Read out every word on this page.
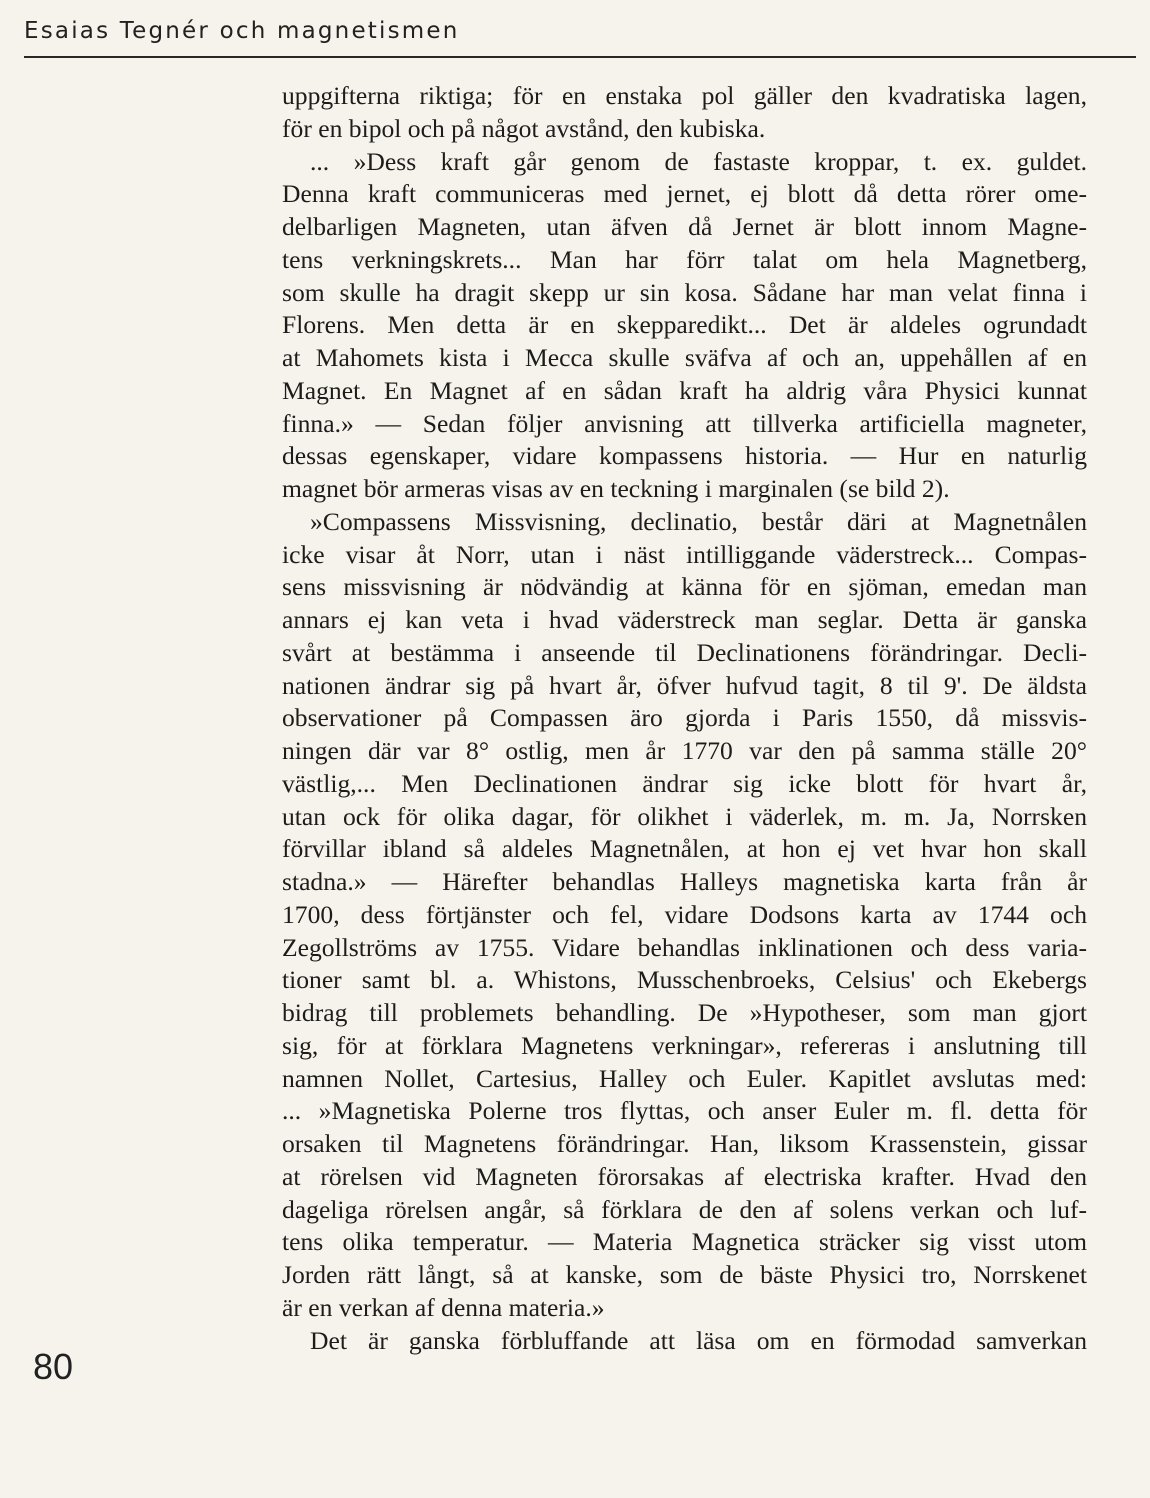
Esaias Tegnér och magnetismen
uppgifterna riktiga; för en enstaka pol gäller den kvadratiska lagen,
för en bipol och på något avstånd, den kubiska.
... »Dess kraft går genom de fastaste kroppar, t. ex. guldet.
Denna kraft communiceras med jernet, ej blott då detta rörer ome-
delbarligen Magneten, utan äfven då Jernet är blott innom Magne-
tens verkningskrets... Man har förr talat om hela Magnetberg,
som skulle ha dragit skepp ur sin kosa. Sådane har man velat finna i
Florens. Men detta är en skepparedikt... Det är aldeles ogrundadt
at Mahomets kista i Mecca skulle sväfva af och an, uppehållen af en
Magnet. En Magnet af en sådan kraft ha aldrig våra Physici kunnat
finna.» — Sedan följer anvisning att tillverka artificiella magneter,
dessas egenskaper, vidare kompassens historia. — Hur en naturlig
magnet bör armeras visas av en teckning i marginalen (se bild 2).
»Compassens Missvisning, declinatio, består däri at Magnetnålen
icke visar åt Norr, utan i näst intilliggande väderstreck... Compas-
sens missvisning är nödvändig at känna för en sjöman, emedan man
annars ej kan veta i hvad väderstreck man seglar. Detta är ganska
svårt at bestämma i anseende til Declinationens förändringar. Decli-
nationen ändrar sig på hvart år, öfver hufvud tagit, 8 til 9'. De äldsta
observationer på Compassen äro gjorda i Paris 1550, då missvis-
ningen där var 8° ostlig, men år 1770 var den på samma ställe 20°
västlig,... Men Declinationen ändrar sig icke blott för hvart år,
utan ock för olika dagar, för olikhet i väderlek, m. m. Ja, Norrsken
förvillar ibland så aldeles Magnetnålen, at hon ej vet hvar hon skall
stadna.» — Härefter behandlas Halleys magnetiska karta från år
1700, dess förtjänster och fel, vidare Dodsons karta av 1744 och
Zegollströms av 1755. Vidare behandlas inklinationen och dess varia-
tioner samt bl. a. Whistons, Musschenbroeks, Celsius' och Ekebergs
bidrag till problemets behandling. De »Hypotheser, som man gjort
sig, för at förklara Magnetens verkningar», refereras i anslutning till
namnen Nollet, Cartesius, Halley och Euler. Kapitlet avslutas med:
... »Magnetiska Polerne tros flyttas, och anser Euler m. fl. detta för
orsaken til Magnetens förändringar. Han, liksom Krassenstein, gissar
at rörelsen vid Magneten förorsakas af electriska krafter. Hvad den
dageliga rörelsen angår, så förklara de den af solens verkan och luf-
tens olika temperatur. — Materia Magnetica sträcker sig visst utom
Jorden rätt långt, så at kanske, som de bäste Physici tro, Norrskenet
är en verkan af denna materia.»
Det är ganska förbluffande att läsa om en förmodad samverkan
80
